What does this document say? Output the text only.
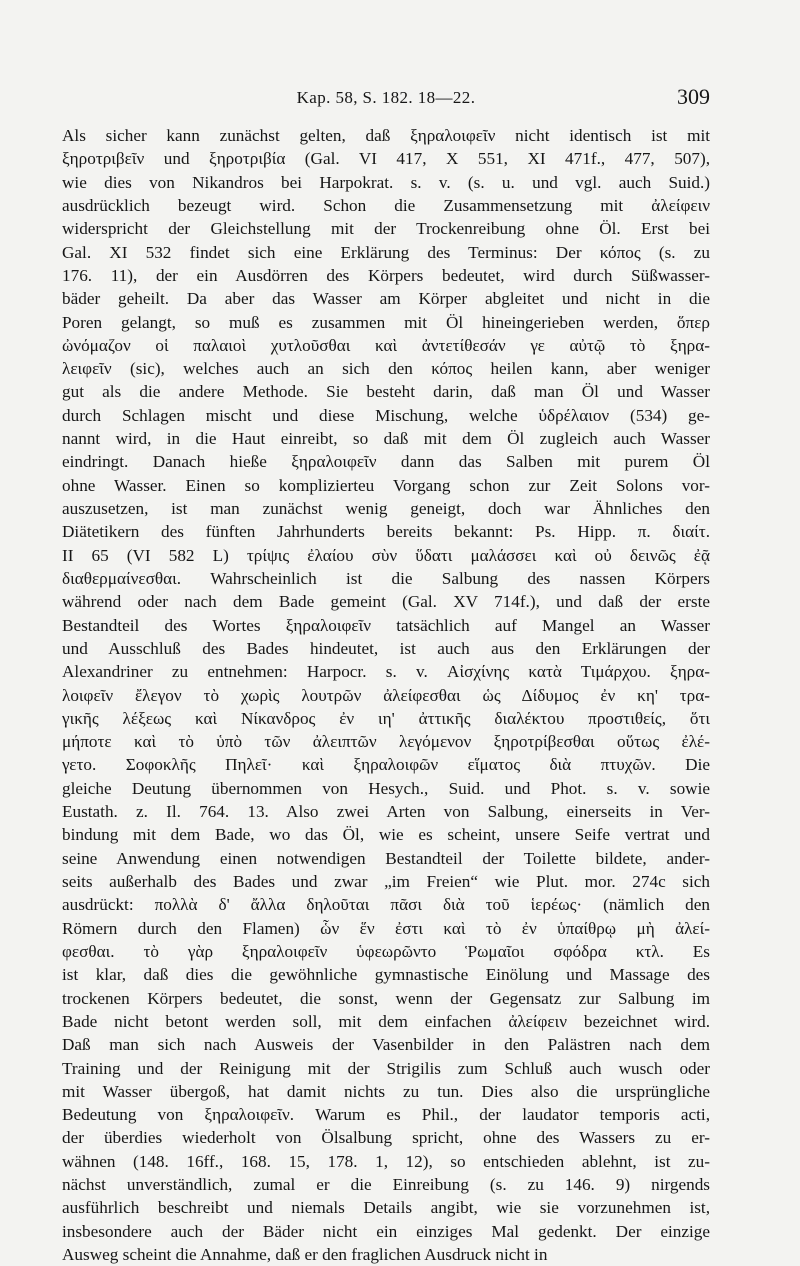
Kap. 58, S. 182. 18—22.	309
Als sicher kann zunächst gelten, daß ξηραλοιφεῖν nicht identisch ist mit
ξηροτριβεῖν und ξηροτριβία (Gal. VI 417, X 551, XI 471f., 477, 507),
wie dies von Nikandros bei Harpokrat. s. v. (s. u. und vgl. auch Suid.)
ausdrücklich bezeugt wird. Schon die Zusammensetzung mit ἀλείφειν
widerspricht der Gleichstellung mit der Trockenreibung ohne Öl. Erst bei
Gal. XI 532 findet sich eine Erklärung des Terminus: Der κόπος (s. zu
176. 11), der ein Ausdörren des Körpers bedeutet, wird durch Süßwasser-
bäder geheilt. Da aber das Wasser am Körper abgleitet und nicht in die
Poren gelangt, so muß es zusammen mit Öl hineingerieben werden, ὅπερ
ὠνόμαζον οἱ παλαιοὶ χυτλοῦσθαι καὶ ἀντετίθεσάν γε αὐτῷ τὸ ξηρα-
λειφεῖν (sic), welches auch an sich den κόπος heilen kann, aber weniger
gut als die andere Methode. Sie besteht darin, daß man Öl und Wasser
durch Schlagen mischt und diese Mischung, welche ὑδρέλαιον (534) ge-
nannt wird, in die Haut einreibt, so daß mit dem Öl zugleich auch Wasser
eindringt. Danach hieße ξηραλοιφεῖν dann das Salben mit purem Öl
ohne Wasser. Einen so komplizierteu Vorgang schon zur Zeit Solons vor-
auszusetzen, ist man zunächst wenig geneigt, doch war Ähnliches den
Diätetikern des fünften Jahrhunderts bereits bekannt: Ps. Hipp. π. διαίτ.
II 65 (VI 582 L) τρίψις ἐλαίου σὺν ὕδατι μαλάσσει καὶ οὐ δεινῶς ἐᾷ
διαθερμαίνεσθαι. Wahrscheinlich ist die Salbung des nassen Körpers
während oder nach dem Bade gemeint (Gal. XV 714f.), und daß der erste
Bestandteil des Wortes ξηραλοιφεῖν tatsächlich auf Mangel an Wasser
und Ausschluß des Bades hindeutet, ist auch aus den Erklärungen der
Alexandriner zu entnehmen: Harpocr. s. v. Αἰσχίνης κατὰ Τιμάρχου. ξηρα-
λοιφεῖν ἔλεγον τὸ χωρὶς λουτρῶν ἀλείφεσθαι ὡς Δίδυμος ἐν κη' τρα-
γικῆς λέξεως καὶ Νίκανδρος ἐν ιη' ἀττικῆς διαλέκτου προστιθείς, ὅτι
μήποτε καὶ τὸ ὑπὸ τῶν ἀλειπτῶν λεγόμενον ξηροτρίβεσθαι οὕτως ἐλέ-
γετο. Σοφοκλῆς Πηλεῖ· καὶ ξηραλοιφῶν εἵματος διὰ πτυχῶν. Die
gleiche Deutung übernommen von Hesych., Suid. und Phot. s. v. sowie
Eustath. z. Il. 764. 13. Also zwei Arten von Salbung, einerseits in Ver-
bindung mit dem Bade, wo das Öl, wie es scheint, unsere Seife vertrat und
seine Anwendung einen notwendigen Bestandteil der Toilette bildete, ander-
seits außerhalb des Bades und zwar „im Freien“ wie Plut. mor. 274c sich
ausdrückt: πολλὰ δ' ἄλλα δηλοῦται πᾶσι διὰ τοῦ ἱερέως· (nämlich den
Römern durch den Flamen) ὧν ἕν ἐστι καὶ τὸ ἐν ὑπαίθρῳ μὴ ἀλεί-
φεσθαι. τὸ γὰρ ξηραλοιφεῖν ὑφεωρῶντο Ῥωμαῖοι σφόδρα κτλ. Es
ist klar, daß dies die gewöhnliche gymnastische Einölung und Massage des
trockenen Körpers bedeutet, die sonst, wenn der Gegensatz zur Salbung im
Bade nicht betont werden soll, mit dem einfachen ἀλείφειν bezeichnet wird.
Daß man sich nach Ausweis der Vasenbilder in den Palästren nach dem
Training und der Reinigung mit der Strigilis zum Schluß auch wusch oder
mit Wasser übergoß, hat damit nichts zu tun. Dies also die ursprüngliche
Bedeutung von ξηραλοιφεῖν. Warum es Phil., der laudator temporis acti,
der überdies wiederholt von Ölsalbung spricht, ohne des Wassers zu er-
wähnen (148. 16ff., 168. 15, 178. 1, 12), so entschieden ablehnt, ist zu-
nächst unverständlich, zumal er die Einreibung (s. zu 146. 9) nirgends
ausführlich beschreibt und niemals Details angibt, wie sie vorzunehmen ist,
insbesondere auch der Bäder nicht ein einziges Mal gedenkt. Der einzige
Ausweg scheint die Annahme, daß er den fraglichen Ausdruck nicht in
